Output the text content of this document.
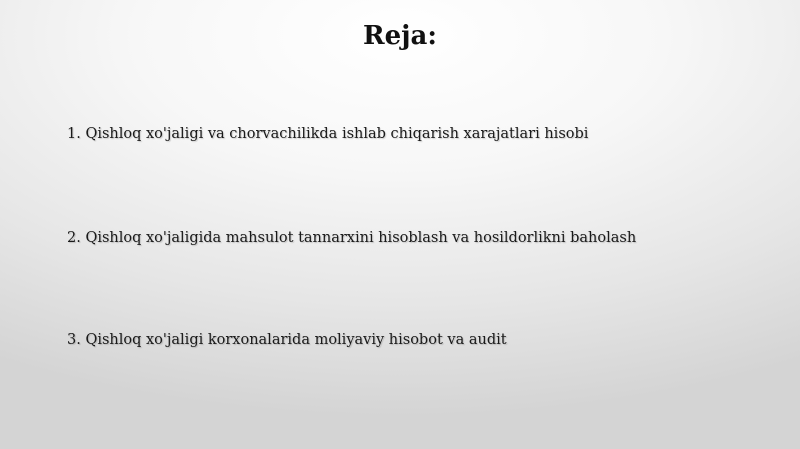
Reja:
1. Qishloq xo'jaligi va chorvachilikda ishlab chiqarish xarajatlari hisobi
2. Qishloq xo'jaligida mahsulot tannarxini hisoblash va hosildorlikni baholash
3. Qishloq xo'jaligi korxonalarida moliyaviy hisobot va audit
